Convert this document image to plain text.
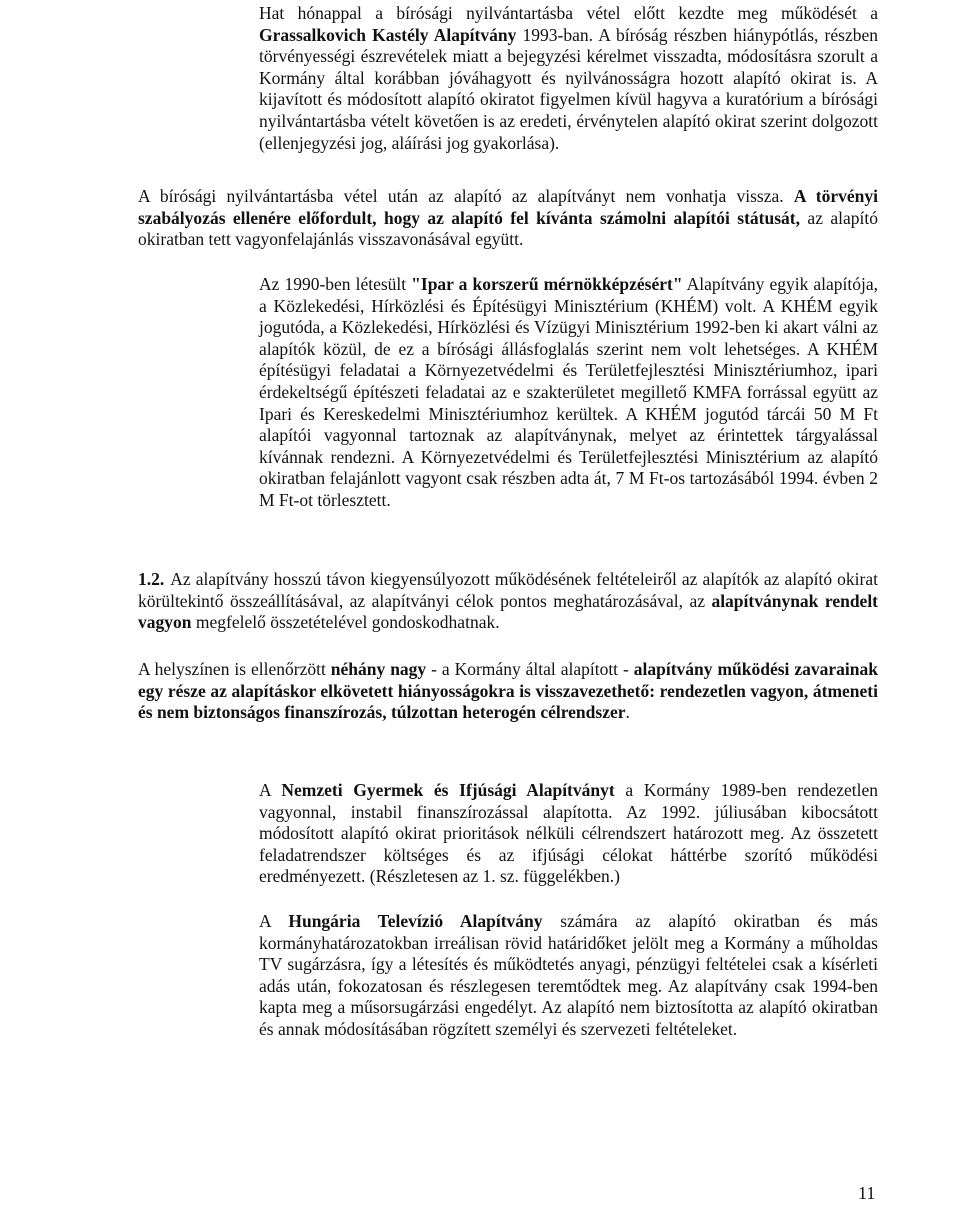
Hat hónappal a bírósági nyilvántartásba vétel előtt kezdte meg működését a Grassalkovich Kastély Alapítvány 1993-ban. A bíróság részben hiánypótlás, részben törvényességi észrevételek miatt a bejegyzési kérelmet visszadta, módosításra szorult a Kormány által korábban jóváhagyott és nyilvánosságra hozott alapító okirat is. A kijavított és módosított alapító okiratot figyelmen kívül hagyva a kuratórium a bírósági nyilvántartásba vételt követően is az eredeti, érvénytelen alapító okirat szerint dolgozott (ellenjegyzési jog, aláírási jog gyakorlása).

A bírósági nyilvántartásba vétel után az alapító az alapítványt nem vonhatja vissza. A törvényi szabályozás ellenére előfordult, hogy az alapító fel kívánta számolni alapítói státusát, az alapító okiratban tett vagyonfelajánlás visszavonásával együtt.

Az 1990-ben létesült "Ipar a korszerű mérnökképzésért" Alapítvány egyik alapítója, a Közlekedési, Hírközlési és Építésügyi Minisztérium (KHÉM) volt. A KHÉM egyik jogutóda, a Közlekedési, Hírközlési és Vízügyi Minisztérium 1992-ben ki akart válni az alapítók közül, de ez a bírósági állásfoglalás szerint nem volt lehetséges. A KHÉM építésügyi feladatai a Környezetvédelmi és Területfejlesztési Minisztériumhoz, ipari érdekeltségű építészeti feladatai az e szakterületet megillető KMFA forrással együtt az Ipari és Kereskedelmi Minisztériumhoz kerültek. A KHÉM jogutód tárcái 50 M Ft alapítói vagyonnal tartoznak az alapítványnak, melyet az érintettek tárgyalással kívánnak rendezni. A Környezetvédelmi és Területfejlesztési Minisztérium az alapító okiratban felajánlott vagyont csak részben adta át, 7 M Ft-os tartozásából 1994. évben 2 M Ft-ot törlesztett.

1.2. Az alapítvány hosszú távon kiegyensúlyozott működésének feltételeiről az alapítók az alapító okirat körültekintő összeállításával, az alapítványi célok pontos meghatározásával, az alapítványnak rendelt vagyon megfelelő összetételével gondoskodhatnak.

A helyszínen is ellenőrzött néhány nagy - a Kormány által alapított - alapítvány működési zavarainak egy része az alapításkor elkövetett hiányosságokra is visszavezethető: rendezetlen vagyon, átmeneti és nem biztonságos finanszírozás, túlzottan heterogén célrendszer.

A Nemzeti Gyermek és Ifjúsági Alapítványt a Kormány 1989-ben rendezetlen vagyonnal, instabil finanszírozással alapította. Az 1992. júliusában kibocsátott módosított alapító okirat prioritások nélküli célrendszert határozott meg. Az összetett feladatrendszer költséges és az ifjúsági célokat háttérbe szorító működési eredményezett. (Részletesen az 1. sz. függelékben.)

A Hungária Televízió Alapítvány számára az alapító okiratban és más kormányhatározatokban irreálisan rövid határidőket jelölt meg a Kormány a műholdas TV sugárzásra, így a létesítés és működtetés anyagi, pénzügyi feltételei csak a kísérleti adás után, fokozatosan és részlegesen teremtődtek meg. Az alapítvány csak 1994-ben kapta meg a műsorsugárzási engedélyt. Az alapító nem biztosította az alapító okiratban és annak módosításában rögzített személyi és szervezeti feltételeket.

11
